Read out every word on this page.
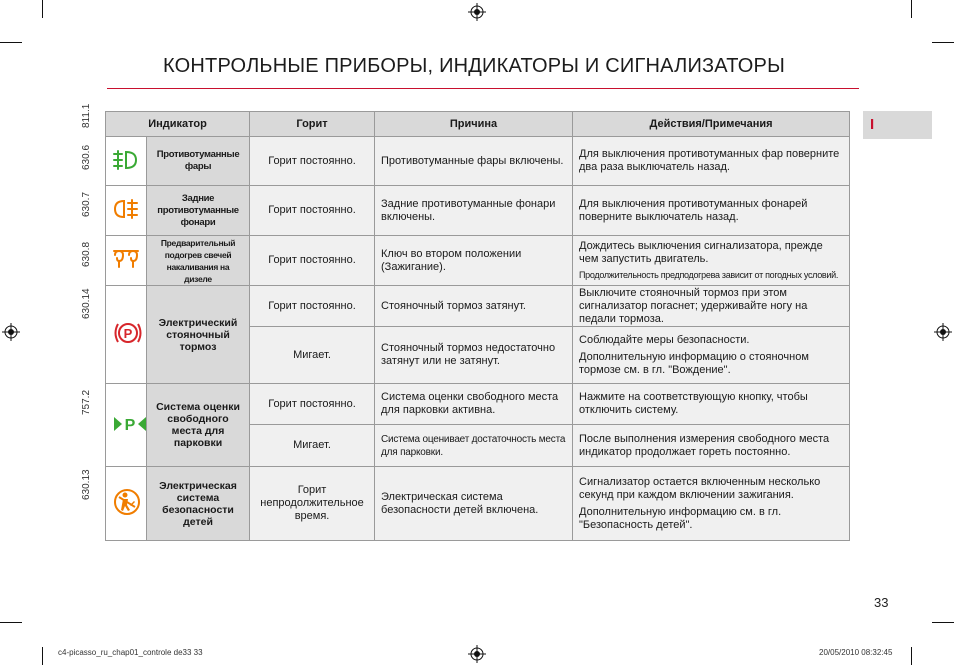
КОНТРОЛЬНЫЕ ПРИБОРЫ, ИНДИКАТОРЫ И СИГНАЛИЗАТОРЫ
I
811.1
630.6
630.7
630.8
630.14
757.2
630.13
Индикатор		Горит	Причина	Действия/Примечания
	Противотуманные фары	Горит постоянно.	Противотуманные фары включены.	Для выключения противотуманных фар поверните два раза выключатель назад.
	Задние противотуманные фонари	Горит постоянно.	Задние противотуманные фонари включены.	Для выключения противотуманных фонарей поверните выключатель назад.
	Предварительный подогрев свечей накаливания на дизеле	Горит постоянно.	Ключ во втором положении (Зажигание).	Дождитесь выключения сигнализатора, прежде чем запустить двигатель.
Продолжительность предподогрева зависит от погодных условий.

P	Электрический стояночный тормоз	Горит постоянно.	Стояночный тормоз затянут.	Выключите стояночный тормоз при этом сигнализатор погаснет; удерживайте ногу на педали тормоза.
		Мигает.	Стояночный тормоз недостаточно затянут или не затянут.	Соблюдайте меры безопасности.
Дополнительную информацию о стояночном тормозе см. в гл. "Вождение".

P	Система оценки свободного места для парковки	Горит постоянно.	Система оценки свободного места для парковки активна.	Нажмите на соответствующую кнопку, чтобы отключить систему.
		Мигает.	Система оценивает достаточность места для парковки.	После выполнения измерения свободного места индикатор продолжает гореть постоянно.
	Электрическая система безопасности детей	Горит непродолжительное время.	Электрическая система безопасности детей включена.	Сигнализатор остается включенным несколько секунд при каждом включении зажигания.
Дополнительную информацию см. в гл. "Безопасность детей".
33
c4-picasso_ru_chap01_controle de33 33	20/05/2010 08:32:45
